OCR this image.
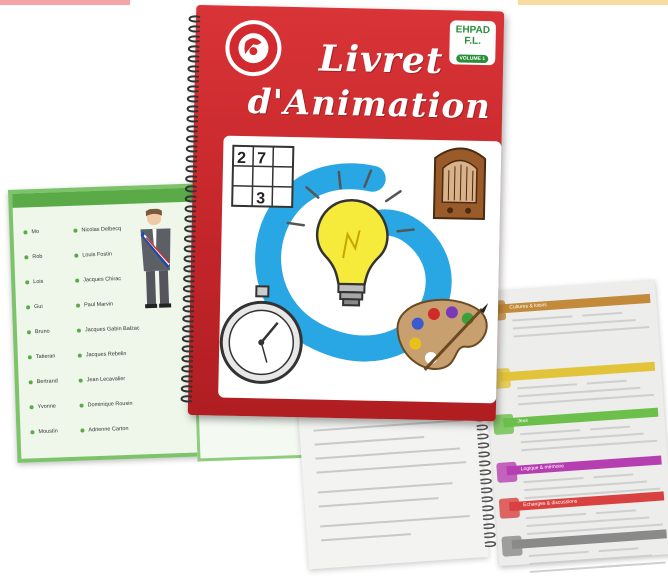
Mo	Nicolas Delbecq
Rob	Louis Fostin
Lois	Jacques Chirac
Gui	Paul Marvin
Bruno	Jacques Gabin Balzac
Tatieran	Jacques Rebelin
Bertrand	Jean Lecavalier
Yvonne	Dominique Rousin
Moustin	Adrienne Carton
Cultures & loisirs
Jeux
Logique & mémoire
Echanges & discussions
Livret
d'Animation
EHPAD
F.L.
VOLUME 1
2 7
3
